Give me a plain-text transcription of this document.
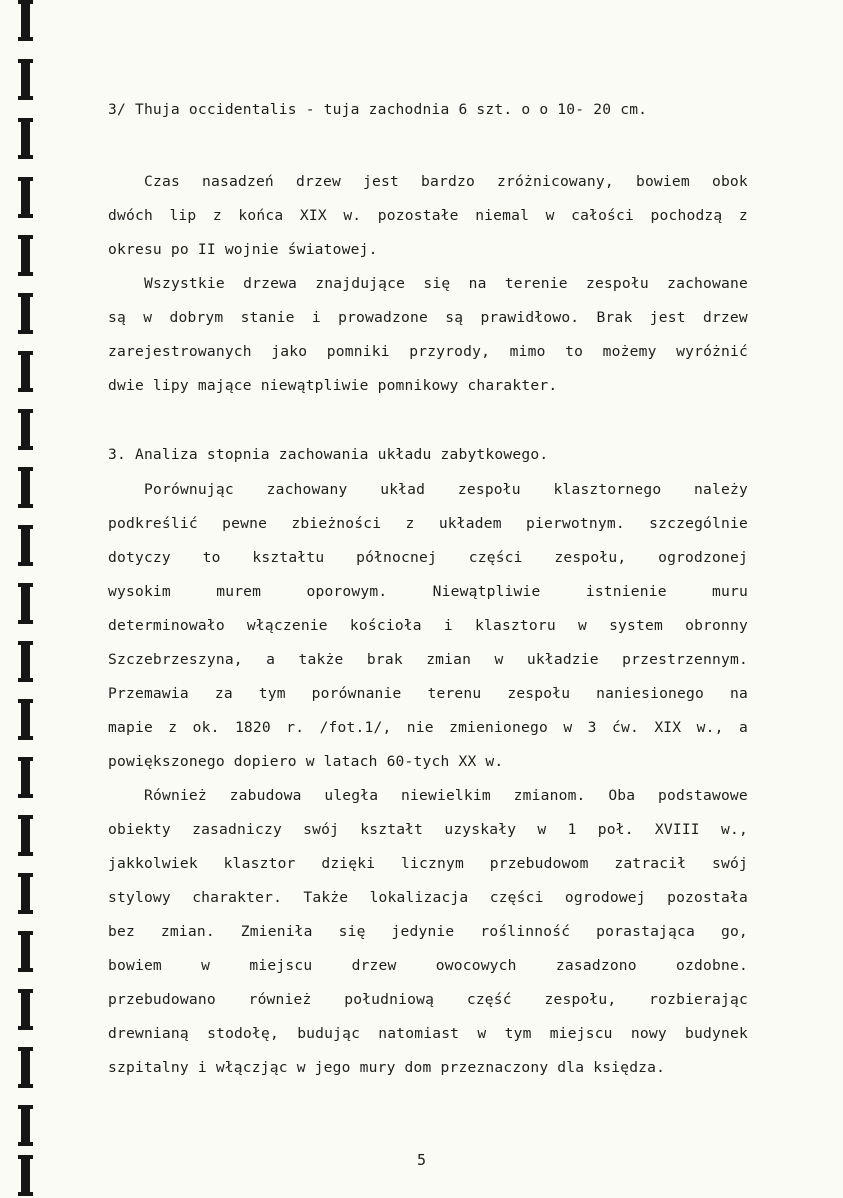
3/ Thuja occidentalis - tuja zachodnia 6 szt. o o 10- 20 cm.
Czas nasadzeń drzew jest bardzo zróżnicowany, bowiem obok
dwóch lip z końca XIX w. pozostałe niemal w całości pochodzą z
okresu po II wojnie światowej.
Wszystkie drzewa znajdujące się na terenie zespołu zachowane
są w dobrym stanie i prowadzone są prawidłowo. Brak jest drzew
zarejestrowanych jako pomniki przyrody, mimo to możemy wyróżnić
dwie lipy mające niewątpliwie pomnikowy charakter.
3. Analiza stopnia zachowania układu zabytkowego.
Porównując zachowany układ zespołu klasztornego należy
podkreślić pewne zbieżności z układem pierwotnym. szczególnie
dotyczy to kształtu północnej części zespołu, ogrodzonej
wysokim	murem	oporowym.	Niewątpliwie	istnienie	muru
determinowało włączenie kościoła i klasztoru w system obronny
Szczebrzeszyna, a także brak zmian w układzie przestrzennym.
Przemawia za tym porównanie terenu zespołu naniesionego na
mapie z ok. 1820 r. /fot.1/, nie zmienionego w 3 ćw. XIX w., a
powiększonego dopiero w latach 60-tych XX w.
Również zabudowa uległa niewielkim zmianom. Oba podstawowe
obiekty zasadniczy swój kształt uzyskały w 1 poł. XVIII w.,
jakkolwiek klasztor dzięki licznym przebudowom zatracił swój
stylowy charakter. Także lokalizacja części ogrodowej pozostała
bez zmian. Zmieniła się jedynie roślinność porastająca go,
bowiem	w	miejscu	drzew	owocowych	zasadzono	ozdobne.
przebudowano również południową część zespołu, rozbierając
drewnianą stodołę, budując natomiast w tym miejscu nowy budynek
szpitalny i włączjąc w jego mury dom przeznaczony dla księdza.
5
